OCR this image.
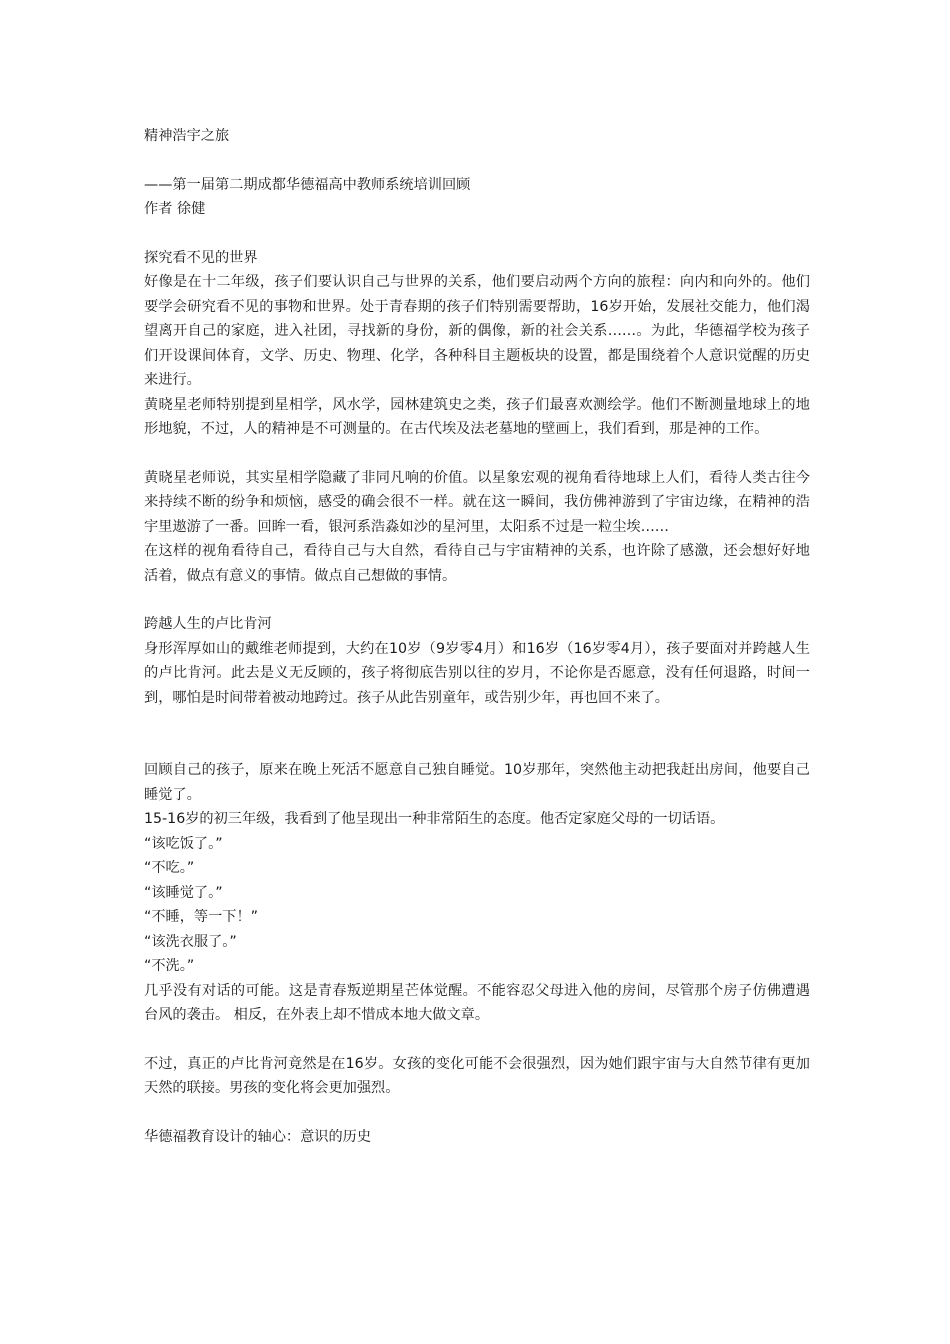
精神浩宇之旅

——第一届第二期成都华德福高中教师系统培训回顾

作者 徐健

探究看不见的世界

好像是在十二年级，孩子们要认识自己与世界的关系，他们要启动两个方向的旅程：向内和向外的。他们要学会研究看不见的事物和世界。处于青春期的孩子们特别需要帮助，16岁开始，发展社交能力，他们渴望离开自己的家庭，进入社团，寻找新的身份，新的偶像，新的社会关系……。为此，华德福学校为孩子们开设课间体育，文学、历史、物理、化学，各种科目主题板块的设置，都是围绕着个人意识觉醒的历史来进行。

黄晓星老师特别提到星相学，风水学，园林建筑史之类，孩子们最喜欢测绘学。他们不断测量地球上的地形地貌，不过，人的精神是不可测量的。在古代埃及法老墓地的壁画上，我们看到，那是神的工作。

黄晓星老师说，其实星相学隐藏了非同凡响的价值。以星象宏观的视角看待地球上人们，看待人类古往今来持续不断的纷争和烦恼，感受的确会很不一样。就在这一瞬间，我仿佛神游到了宇宙边缘，在精神的浩宇里遨游了一番。回眸一看，银河系浩淼如沙的星河里，太阳系不过是一粒尘埃……

在这样的视角看待自己，看待自己与大自然，看待自己与宇宙精神的关系，也许除了感激，还会想好好地活着，做点有意义的事情。做点自己想做的事情。

跨越人生的卢比肯河

身形浑厚如山的戴维老师提到，大约在10岁（9岁零4月）和16岁（16岁零4月），孩子要面对并跨越人生的卢比肯河。此去是义无反顾的，孩子将彻底告别以往的岁月，不论你是否愿意，没有任何退路，时间一到，哪怕是时间带着被动地跨过。孩子从此告别童年，或告别少年，再也回不来了。

回顾自己的孩子，原来在晚上死活不愿意自己独自睡觉。10岁那年，突然他主动把我赶出房间，他要自己睡觉了。

15-16岁的初三年级，我看到了他呈现出一种非常陌生的态度。他否定家庭父母的一切话语。

“该吃饭了。”

“不吃。”

“该睡觉了。”

“不睡，等一下！”

“该洗衣服了。”

“不洗。”

几乎没有对话的可能。这是青春叛逆期星芒体觉醒。不能容忍父母进入他的房间，尽管那个房子仿佛遭遇台风的袭击。 相反，在外表上却不惜成本地大做文章。

不过，真正的卢比肯河竟然是在16岁。女孩的变化可能不会很强烈，因为她们跟宇宙与大自然节律有更加天然的联接。男孩的变化将会更加强烈。

华德福教育设计的轴心：意识的历史
